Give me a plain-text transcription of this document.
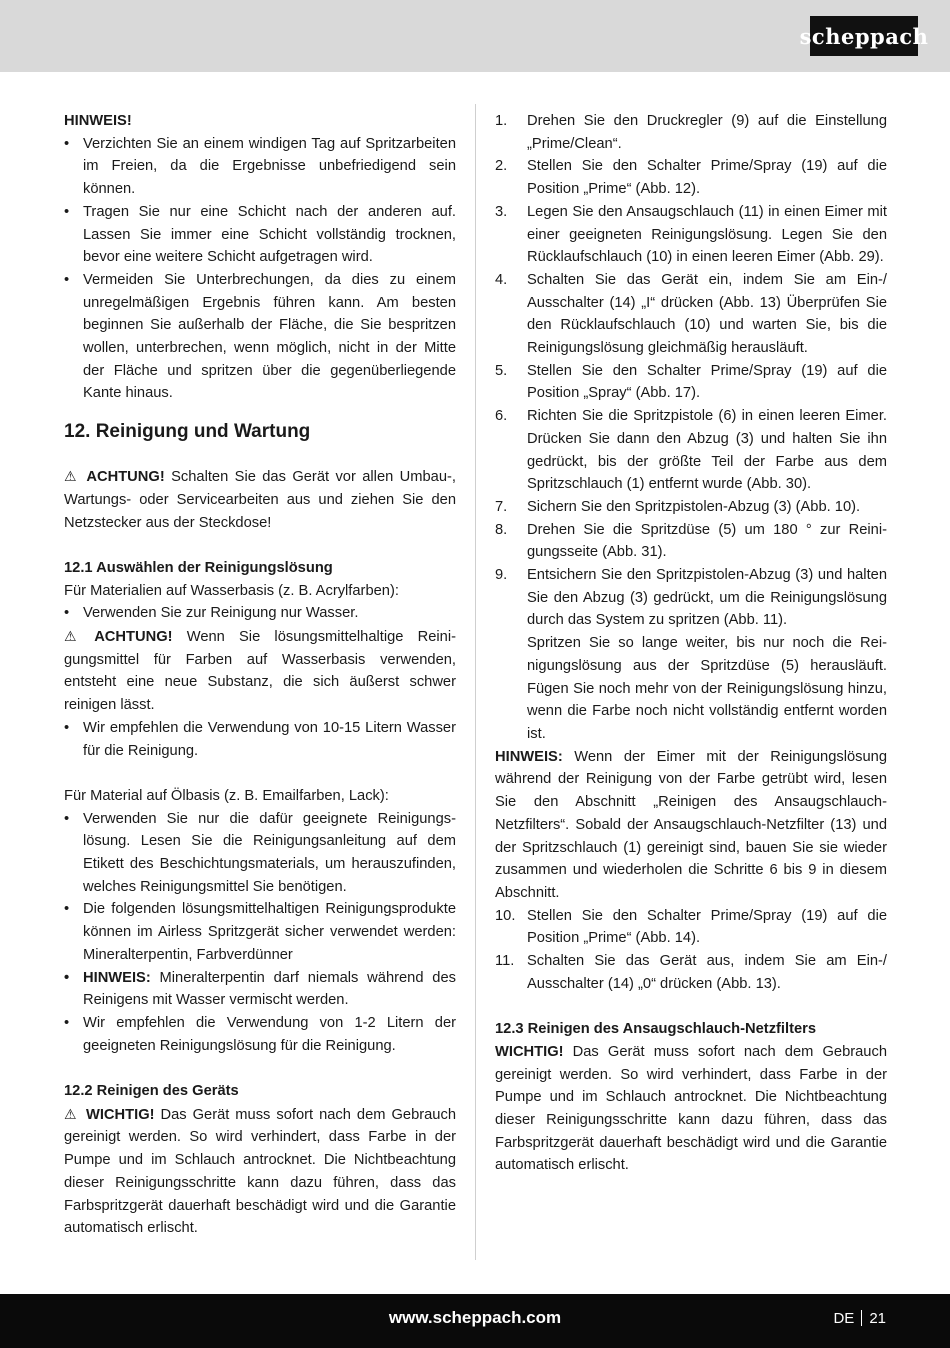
scheppach

HINWEIS!

• Verzichten Sie an einem windigen Tag auf Spritzarbeiten im Freien, da die Ergebnisse unbefriedigend sein können.
• Tragen Sie nur eine Schicht nach der anderen auf. Lassen Sie immer eine Schicht vollständig trocknen, bevor eine weitere Schicht aufgetragen wird.
• Vermeiden Sie Unterbrechungen, da dies zu einem unregelmäßigen Ergebnis führen kann. Am besten beginnen Sie außerhalb der Fläche, die Sie bespritzen wollen, unterbrechen, wenn möglich, nicht in der Mitte der Fläche und spritzen über die gegenüberliegende Kante hinaus.
12. Reinigung und Wartung

⚠ ACHTUNG! Schalten Sie das Gerät vor allen Umbau-, Wartungs- oder Servicearbeiten aus und ziehen Sie den Netzstecker aus der Steckdose!

12.1 Auswählen der Reinigungslösung

Für Materialien auf Wasserbasis (z. B. Acrylfarben):

• Verwenden Sie zur Reinigung nur Wasser.

⚠ ACHTUNG! Wenn Sie lösungsmittelhaltige Reinigungsmittel für Farben auf Wasserbasis verwenden, entsteht eine neue Substanz, die sich äußerst schwer reinigen lässt.

• Wir empfehlen die Verwendung von 10-15 Litern Wasser für die Reinigung.

Für Material auf Ölbasis (z. B. Emailfarben, Lack):

• Verwenden Sie nur die dafür geeignete Reinigungslösung. Lesen Sie die Reinigungsanleitung auf dem Etikett des Beschichtungsmaterials, um herauszufinden, welches Reinigungsmittel Sie benötigen.
• Die folgenden lösungsmittelhaltigen Reinigungsprodukte können im Airless Spritzgerät sicher verwendet werden: Mineralterpentin, Farbverdünner
• HINWEIS: Mineralterpentin darf niemals während des Reinigens mit Wasser vermischt werden.
• Wir empfehlen die Verwendung von 1-2 Litern der geeigneten Reinigungslösung für die Reinigung.

12.2 Reinigen des Geräts

⚠ WICHTIG! Das Gerät muss sofort nach dem Gebrauch gereinigt werden. So wird verhindert, dass Farbe in der Pumpe und im Schlauch antrocknet. Die Nichtbeachtung dieser Reinigungsschritte kann dazu führen, dass das Farbspritzgerät dauerhaft beschädigt wird und die Garantie automatisch erlischt.

1. Drehen Sie den Druckregler (9) auf die Einstellung „Prime/Clean“.
2. Stellen Sie den Schalter Prime/Spray (19) auf die Position „Prime“ (Abb. 12).
3. Legen Sie den Ansaugschlauch (11) in einen Eimer mit einer geeigneten Reinigungslösung. Legen Sie den Rücklaufschlauch (10) in einen leeren Eimer (Abb. 29).
4. Schalten Sie das Gerät ein, indem Sie am Ein-/ Ausschalter (14) „I“ drücken (Abb. 13) Überprüfen Sie den Rücklaufschlauch (10) und warten Sie, bis die Reinigungslösung gleichmäßig herausläuft.
5. Stellen Sie den Schalter Prime/Spray (19) auf die Position „Spray“ (Abb. 17).
6. Richten Sie die Spritzpistole (6) in einen leeren Eimer. Drücken Sie dann den Abzug (3) und halten Sie ihn gedrückt, bis der größte Teil der Farbe aus dem Spritzschlauch (1) entfernt wurde (Abb. 30).
7. Sichern Sie den Spritzpistolen-Abzug (3) (Abb. 10).
8. Drehen Sie die Spritzdüse (5) um 180 ° zur Reinigungsseite (Abb. 31).
9. Entsichern Sie den Spritzpistolen-Abzug (3) und halten Sie den Abzug (3) gedrückt, um die Reinigungslösung durch das System zu spritzen (Abb. 11).
Spritzen Sie so lange weiter, bis nur noch die Reinigungslösung aus der Spritzdüse (5) herausläuft. Fügen Sie noch mehr von der Reinigungslösung hinzu, wenn die Farbe noch nicht vollständig entfernt worden ist.

HINWEIS: Wenn der Eimer mit der Reinigungslösung während der Reinigung von der Farbe getrübt wird, lesen Sie den Abschnitt „Reinigen des Ansaugschlauch-Netzfilters“. Sobald der Ansaugschlauch-Netzfilter (13) und der Spritzschlauch (1) gereinigt sind, bauen Sie sie wieder zusammen und wiederholen die Schritte 6 bis 9 in diesem Abschnitt.

10. Stellen Sie den Schalter Prime/Spray (19) auf die Position „Prime“ (Abb. 14).
11. Schalten Sie das Gerät aus, indem Sie am Ein-/ Ausschalter (14) „0“ drücken (Abb. 13).

12.3 Reinigen des Ansaugschlauch-Netzfilters

WICHTIG! Das Gerät muss sofort nach dem Gebrauch gereinigt werden. So wird verhindert, dass Farbe in der Pumpe und im Schlauch antrocknet. Die Nichtbeachtung dieser Reinigungsschritte kann dazu führen, dass das Farbspritzgerät dauerhaft beschädigt wird und die Garantie automatisch erlischt.

www.scheppach.com	DE 21
